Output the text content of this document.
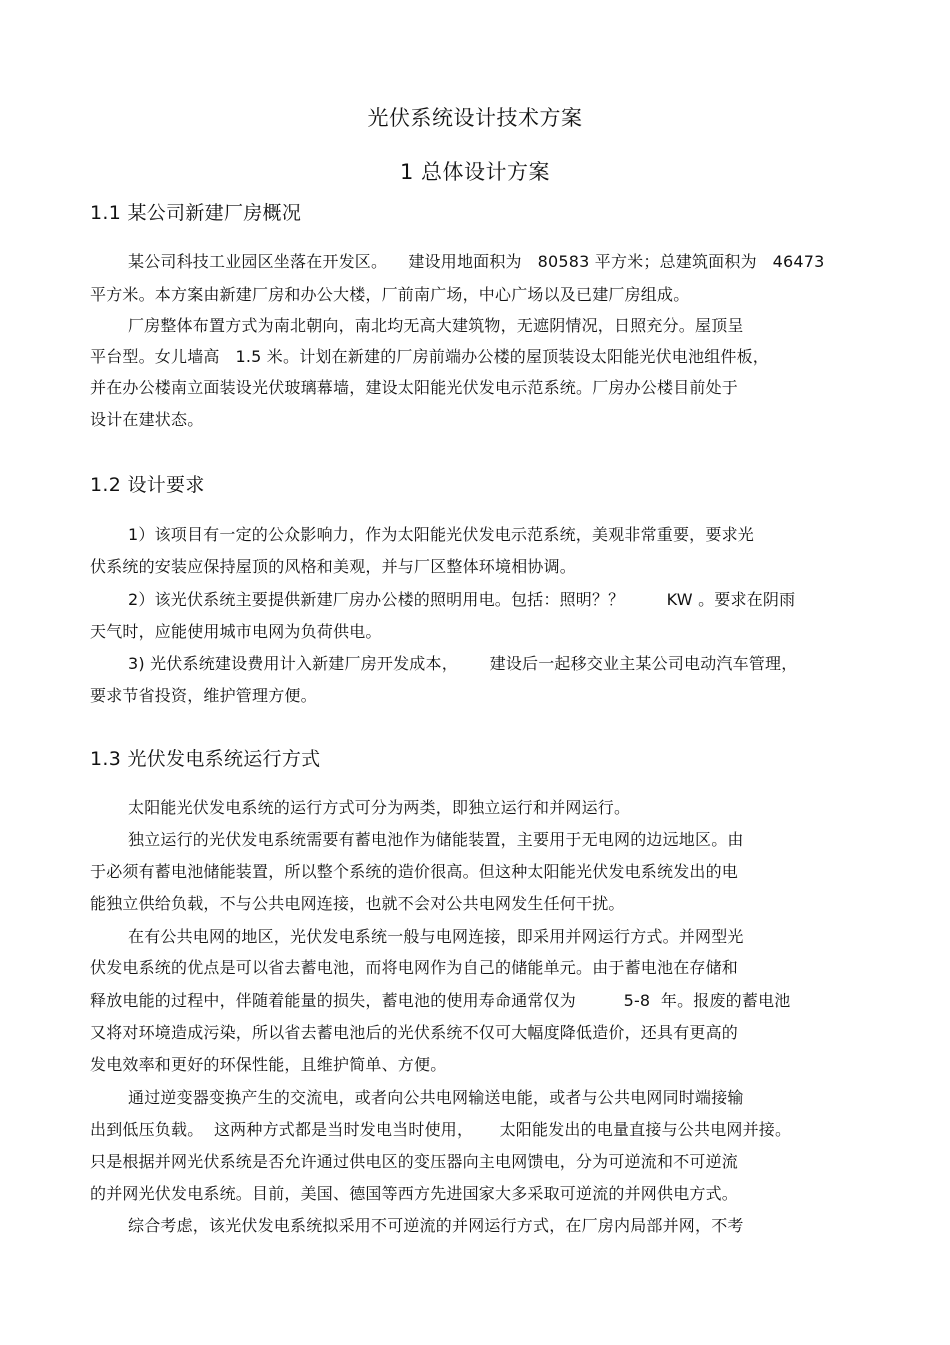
光伏系统设计技术方案
1 总体设计方案
1.1 某公司新建厂房概况
某公司科技工业园区坐落在开发区。    建设用地面积为   80583 平方米；总建筑面积为   46473
平方米。本方案由新建厂房和办公大楼，厂前南广场，中心广场以及已建厂房组成。
厂房整体布置方式为南北朝向，南北均无高大建筑物，无遮阴情况，日照充分。屋顶呈
平台型。女儿墙高   1.5 米。计划在新建的厂房前端办公楼的屋顶装设太阳能光伏电池组件板，
并在办公楼南立面装设光伏玻璃幕墙，建设太阳能光伏发电示范系统。厂房办公楼目前处于
设计在建状态。
1.2 设计要求
1）该项目有一定的公众影响力，作为太阳能光伏发电示范系统，美观非常重要，要求光
伏系统的安装应保持屋顶的风格和美观，并与厂区整体环境相协调。
2）该光伏系统主要提供新建厂房办公楼的照明用电。包括：照明？？        KW 。要求在阴雨
天气时，应能使用城市电网为负荷供电。
3) 光伏系统建设费用计入新建厂房开发成本，      建设后一起移交业主某公司电动汽车管理，
要求节省投资，维护管理方便。
1.3 光伏发电系统运行方式
太阳能光伏发电系统的运行方式可分为两类，即独立运行和并网运行。
独立运行的光伏发电系统需要有蓄电池作为储能装置，主要用于无电网的边远地区。由
于必须有蓄电池储能装置，所以整个系统的造价很高。但这种太阳能光伏发电系统发出的电
能独立供给负载，不与公共电网连接，也就不会对公共电网发生任何干扰。
在有公共电网的地区，光伏发电系统一般与电网连接，即采用并网运行方式。并网型光
伏发电系统的优点是可以省去蓄电池，而将电网作为自己的储能单元。由于蓄电池在存储和
释放电能的过程中，伴随着能量的损失，蓄电池的使用寿命通常仅为         5-8  年。报废的蓄电池
又将对环境造成污染，所以省去蓄电池后的光伏系统不仅可大幅度降低造价，还具有更高的
发电效率和更好的环保性能，且维护简单、方便。
通过逆变器变换产生的交流电，或者向公共电网输送电能，或者与公共电网同时端接输
出到低压负载。  这两种方式都是当时发电当时使用，     太阳能发出的电量直接与公共电网并接。
只是根据并网光伏系统是否允许通过供电区的变压器向主电网馈电，分为可逆流和不可逆流
的并网光伏发电系统。目前，美国、德国等西方先进国家大多采取可逆流的并网供电方式。
综合考虑，该光伏发电系统拟采用不可逆流的并网运行方式，在厂房内局部并网，不考
